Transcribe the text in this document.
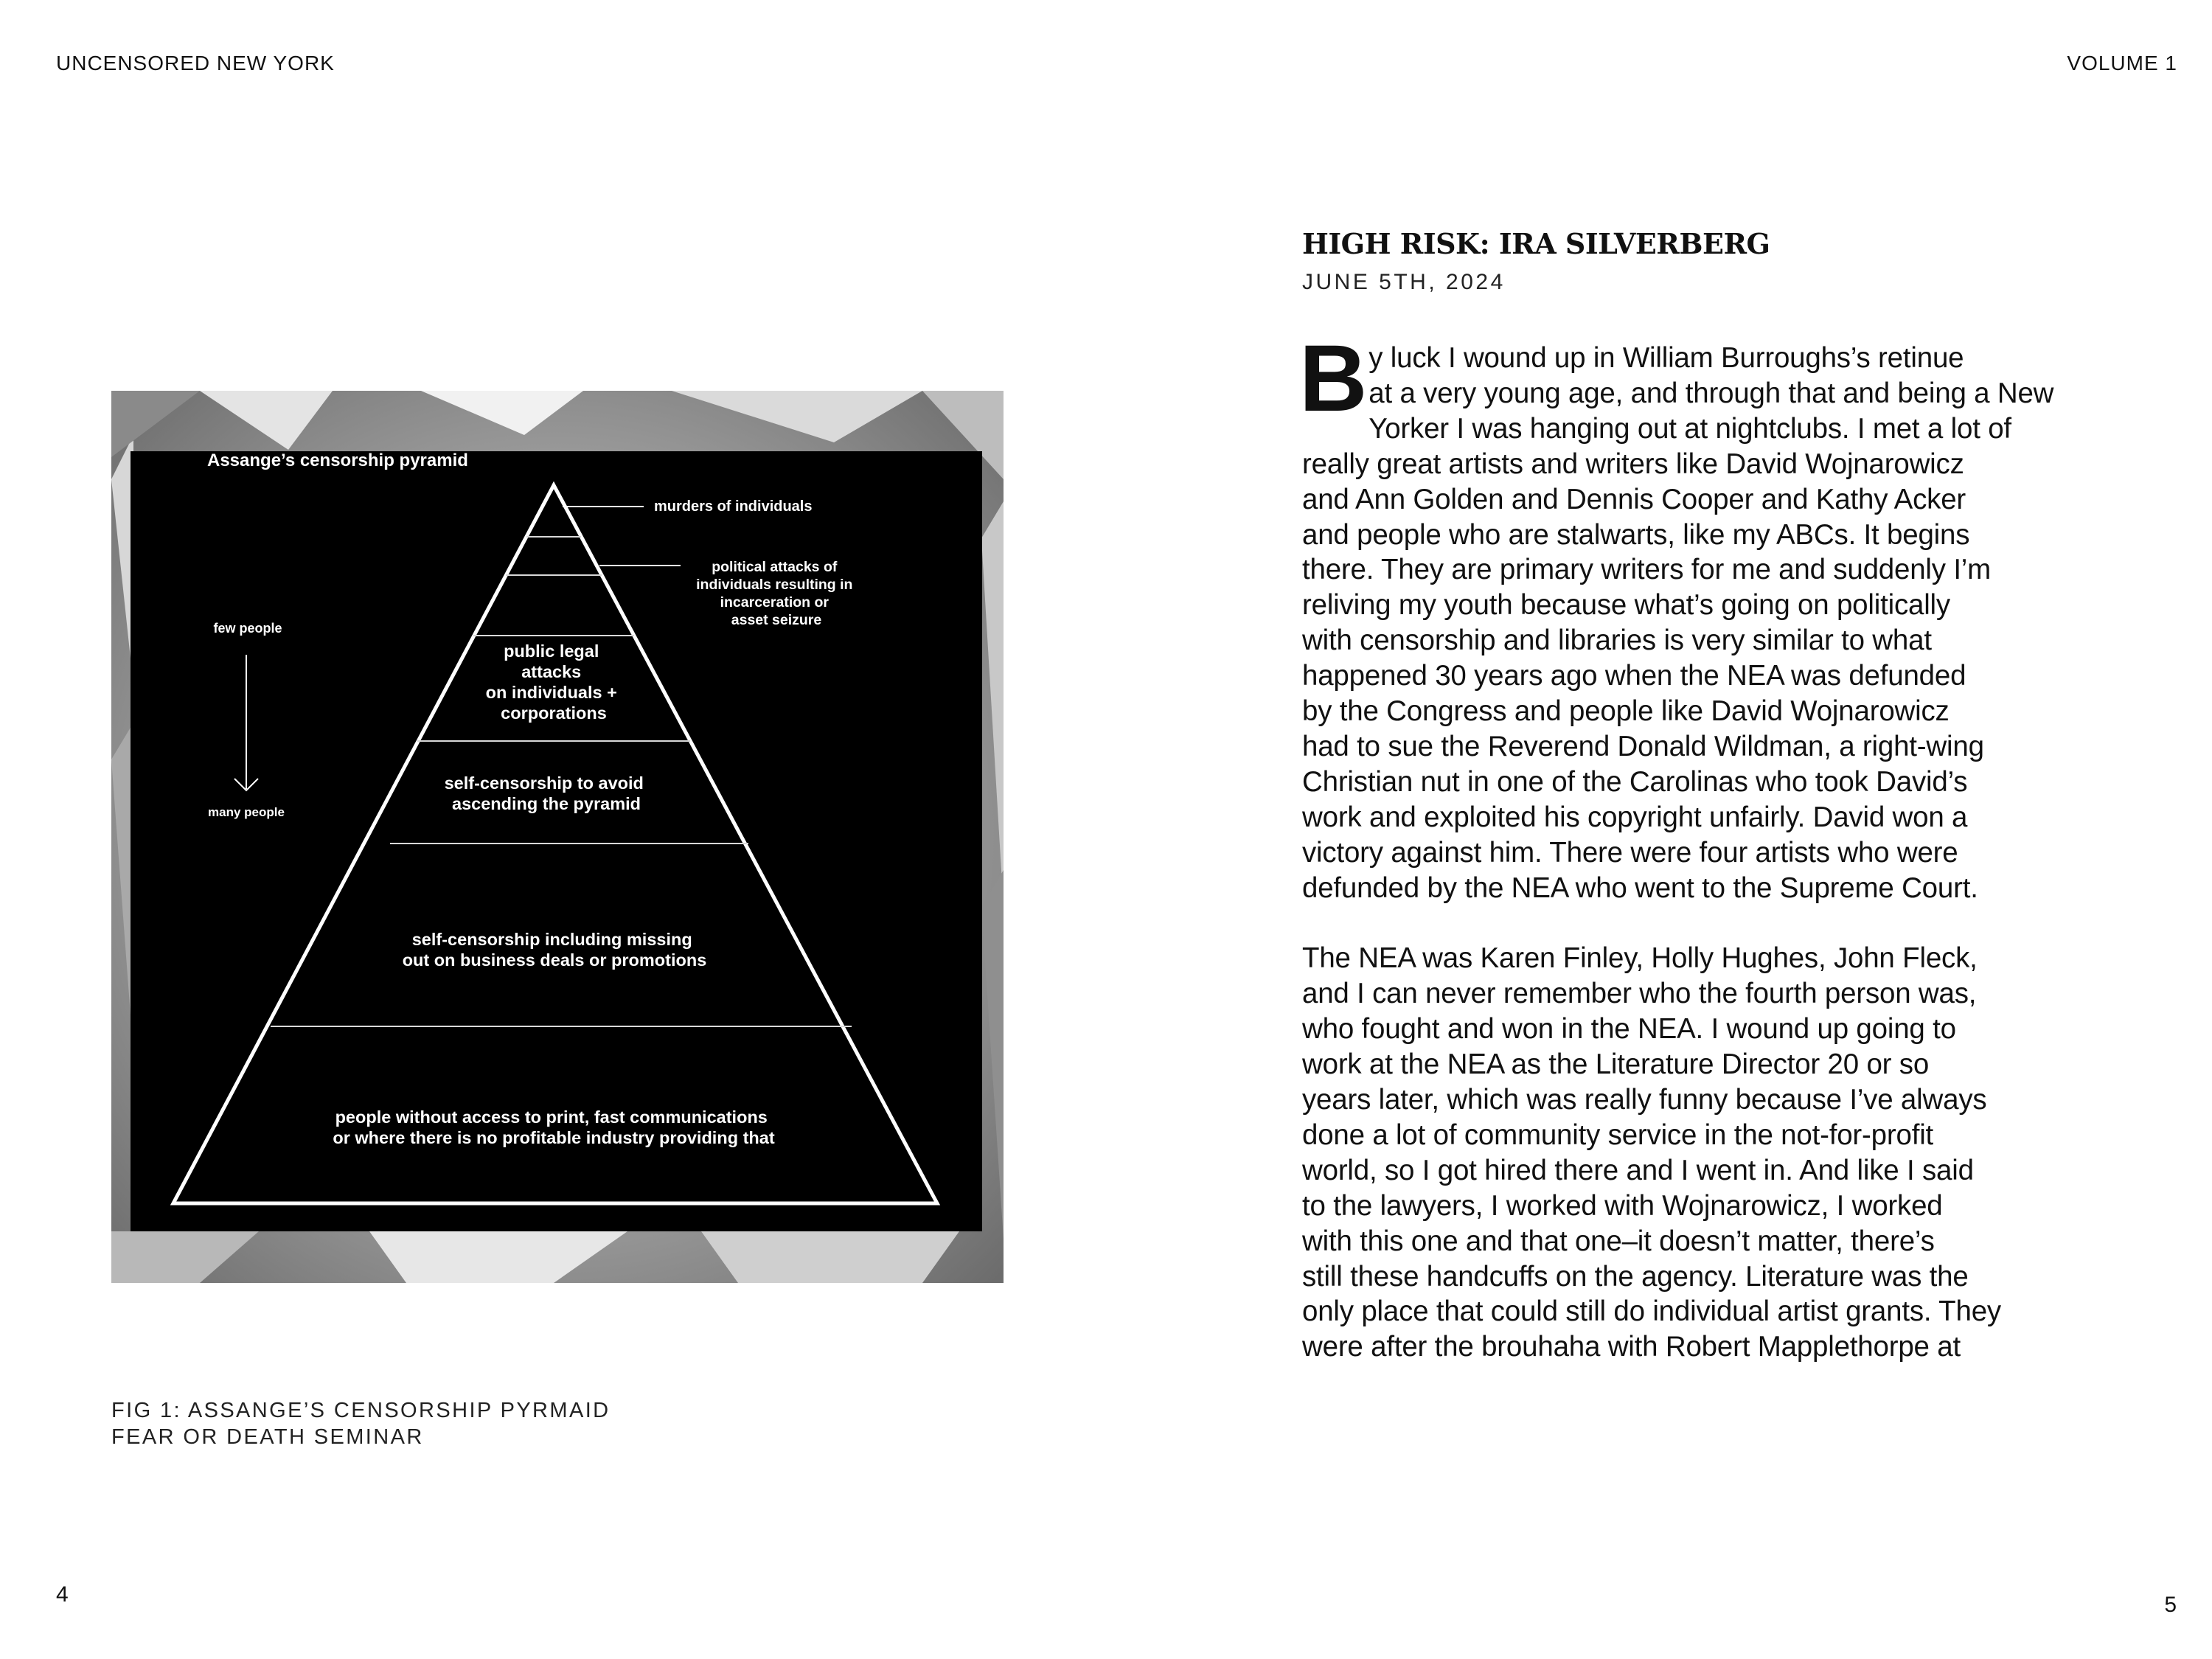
UNCENSORED NEW YORK	VOLUME 1
Assange’s censorship pyramid
murders of individuals
political attacks of individuals resulting in incarceration or asset seizure
few people
many people
public legal attacks on individuals + corporations
self-censorship to avoid ascending the pyramid
self-censorship including missing out on business deals or promotions
people without access to print, fast communications or where there is no profitable industry providing that
FIG 1: ASSANGE’S CENSORSHIP PYRMAID
FEAR OR DEATH SEMINAR
HIGH RISK: IRA SILVERBERG
JUNE 5TH, 2024

By luck I wound up in William Burroughs’s retinue
at a very young age, and through that and being a New
Yorker I was hanging out at nightclubs. I met a lot of
really great artists and writers like David Wojnarowicz
and Ann Golden and Dennis Cooper and Kathy Acker
and people who are stalwarts, like my ABCs. It begins
there. They are primary writers for me and suddenly I’m
reliving my youth because what’s going on politically
with censorship and libraries is very similar to what
happened 30 years ago when the NEA was defunded
by the Congress and people like David Wojnarowicz
had to sue the Reverend Donald Wildman, a right-wing
Christian nut in one of the Carolinas who took David’s
work and exploited his copyright unfairly. David won a
victory against him. There were four artists who were
defunded by the NEA who went to the Supreme Court.

The NEA was Karen Finley, Holly Hughes, John Fleck,
and I can never remember who the fourth person was,
who fought and won in the NEA. I wound up going to
work at the NEA as the Literature Director 20 or so
years later, which was really funny because I’ve always
done a lot of community service in the not-for-profit
world, so I got hired there and I went in. And like I said
to the lawyers, I worked with Wojnarowicz, I worked
with this one and that one–it doesn’t matter, there’s
still these handcuffs on the agency. Literature was the
only place that could still do individual artist grants. They
were after the brouhaha with Robert Mapplethorpe at

4	5
